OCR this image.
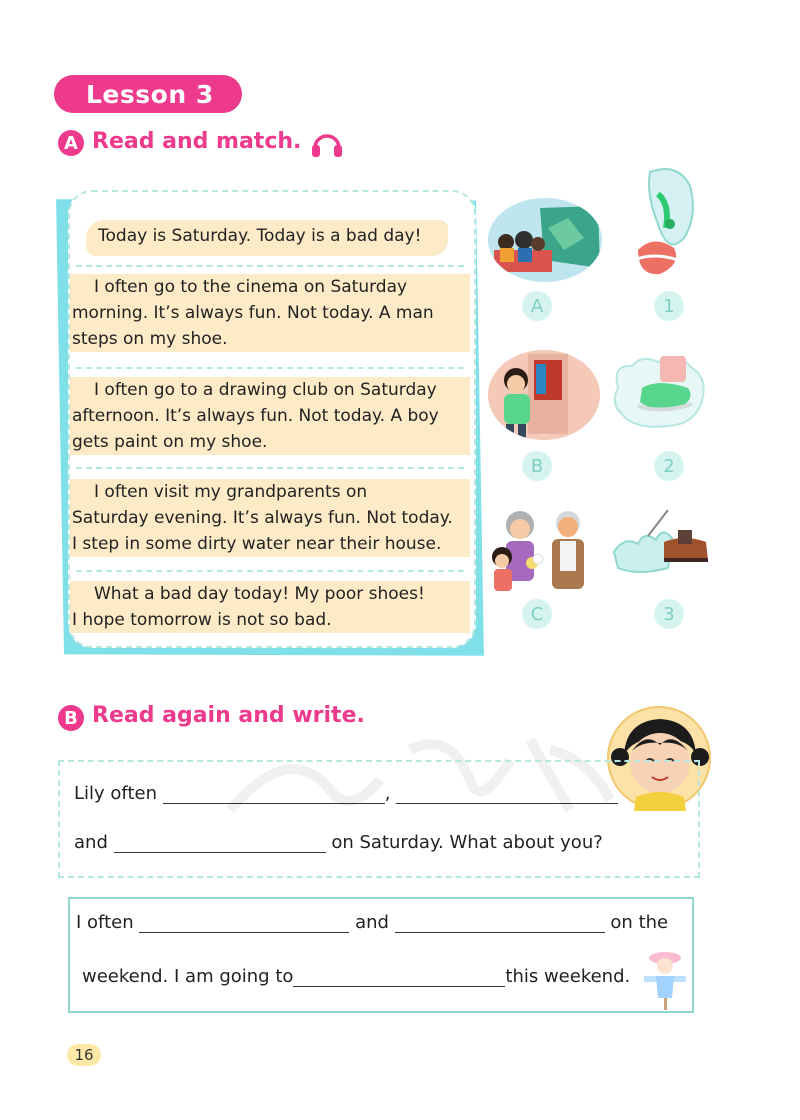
Lesson 3
A Read and match.
Today is Saturday. Today is a bad day!
I often go to the cinema on Saturday
morning. It’s always fun. Not today. A man
steps on my shoe.
I often go to a drawing club on Saturday
afternoon. It’s always fun. Not today. A boy
gets paint on my shoe.
I often visit my grandparents on
Saturday evening. It’s always fun. Not today.
I step in some dirty water near their house.
What a bad day today! My poor shoes!
I hope tomorrow is not so bad.
A
B
C
1
2
3
B Read again and write.
Lily often	,
and	on Saturday. What about you?
I often	and	on the
weekend. I am going to	this weekend.
16
